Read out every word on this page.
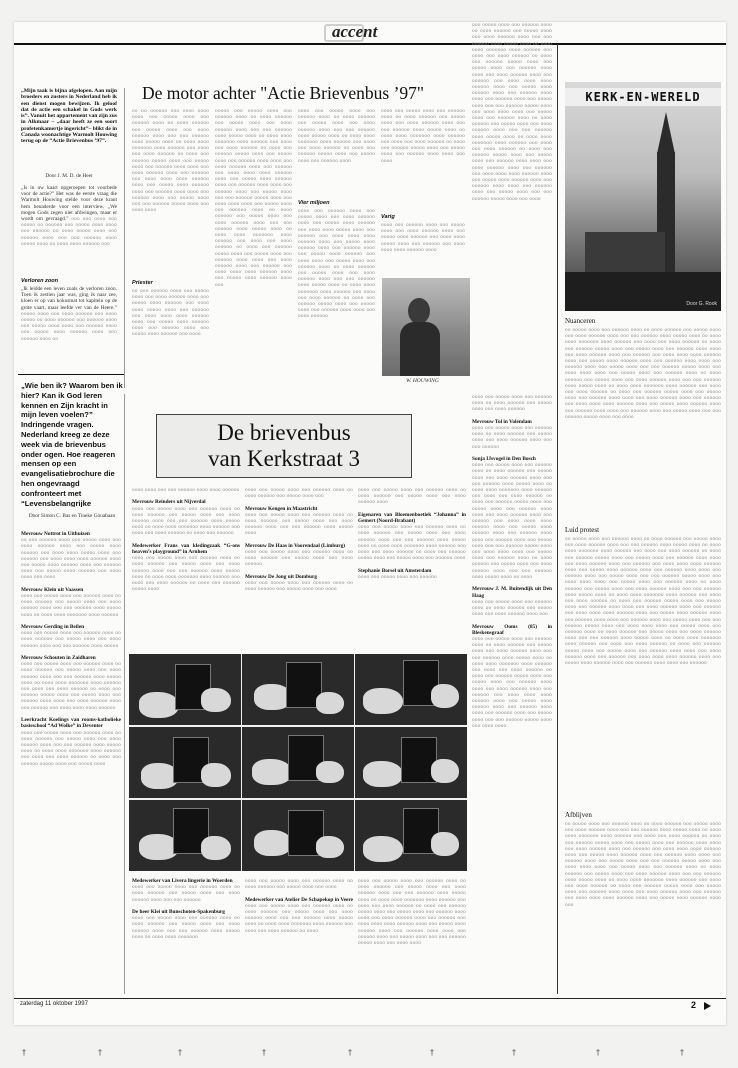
accent
„Mijn taak is bijna afgelopen. Aan mijn broeders en zusters in Nederland heb ik een dienst mogen bewijzen. Ik geloof dat de actie een schakel in Gods werk is”. Vanuit het appartement van zijn zus in Alkmaar – „daar heeft ze een soort profetenkamertje ingericht”– blikt de in Canada woonachtige Warmolt Houwing terug op de “Actie Brievenbus ’97”.
Door J. M. D. de Heer
„Is in uw kaart opgeroepen tot voorbede voor de actie?” Het was de eerste vraag die Warmolt Houwing stelde voor deze krant hem benaderde voor een interview. „We mogen Gods zegen niet afdwingen, maar er wordt om gevraagd.” ooo ooo oooo ooo ooooo oo oooooo ooo ooooo oooo oooo ooo oooooo oo oooo ooooo oooo ooo oooooo oooo ooo ooo oooooo oooo ooooo oooo oo oooo oooo oooooo ooo
Verloren zoon
„Ik leidde een leven zoals de verloren zoon. Toen ik zestien jaar was, ging ik naar zee, kloen er op van kokosmat tot kapitein op de grote vaart, maar leefde ver van de Heere.” ooooo oooo ooo oooo oooooo ooo oooo ooooo oo oooo oooooo ooo oooooo oooo ooo ooooo oooo oooo ooo oooooo oooo ooo ooooo oooo oooooo oooo ooo oooooo oooo oo
De motor achter "Actie Brievenbus ’97"
oo oo oooooo ooo oooo oooo oooo ooo ooooo oooo ooo oooooo oooo oo oooo oooooo ooo ooooo oooo ooo oooo oooooo oooo ooo ooo oooooo oooo ooooo oooo oo oooo oooo ooooooo oooo oooooo ooo oooo ooo oooo oooooo oo oooo ooo oooooo ooooo oooo ooo ooooo oooo ooo oooooo oooo oooo ooo oooo oooooo oooo ooo oooooo ooo oooo oooo oooo oooooo oooo ooo ooooo oooo oooooo oooo ooo oooooo oooo oooo ooo oooooo oooo ooo ooooo oooo ooo ooo oooooo ooooo oooo ooo oooo oooo
Priester
oo ooo oooooo oooo ooo ooooo oooo ooo oooo oooooo oooo ooo ooooo oooo oooooo ooo oooo oooo ooooo oooo ooo oooooo ooo oooo oooo oooo oooooo oooo ooo ooooo oooo oooooo oooo ooo oooooo oooo ooo ooooo oooo oooooo ooo oooo
ooooo ooo ooooo oooo ooo oooooo oooo oo oooo oooooo ooo ooooo oooo ooo oooo oooooo oooo ooo ooo oooooo oooo ooooo oooo oo oooo oooo ooooooo oooo oooooo ooo oooo ooo oooo oooooo oo oooo ooo oooooo ooooo oooo ooo ooooo oooo ooo oooooo oooo oooo ooo oooo oooooo oooo ooo oooooo ooo oooo oooo oooo oooooo oooo ooo ooooo oooo oooooo oooo ooo oooooo oooo oooo ooo oooooo oooo ooo ooooo oooo ooo ooo oooooo ooooo oooo ooo oooo oooo oooo ooo ooooo oooo ooo oooooo oooo oo oooo oooooo ooo ooooo oooo ooo oooo oooooo oooo ooo ooo oooooo oooo ooooo oooo oo oooo oooo ooooooo oooo oooooo ooo oooo ooo oooo oooooo oo oooo ooo oooooo ooooo oooo ooo ooooo oooo ooo oooooo oooo oooo ooo oooo oooooo oooo ooo oooooo ooo oooo oooo oooo oooooo oooo ooo ooooo oooo oooooo oooo ooo
oooo ooo ooooo oooo ooo oooooo oooo oo oooo oooooo ooo ooooo oooo ooo oooo oooooo oooo ooo ooo oooooo oooo ooooo oooo oo oooo oooo ooooooo oooo oooooo ooo oooo ooo oooo oooooo oo oooo ooo oooooo ooooo oooo ooo ooooo oooo ooo oooooo oooo
Vier miljoen
oooo ooo oooooo oooo ooo ooooo oooo ooo oooo oooooo oooo ooo ooooo oooo oooooo ooo oooo oooo ooooo oooo ooo oooooo ooo oooo oooo oooo oooooo oooo ooo ooooo oooo oooooo oooo ooo oooooo oooo ooo ooooo oooo oooooo ooo oooo oooo ooo ooooo oooo ooo oooooo oooo oo oooo oooooo ooo ooooo oooo ooo oooo oooooo oooo ooo ooo oooooo oooo ooooo oooo oo oooo oooo ooooooo oooo oooooo ooo oooo ooo oooo oooooo oo oooo ooo oooooo ooooo oooo ooo ooooo oooo ooo oooooo oooo oooo ooo oooo oooooo
oooo ooo ooooo oooo ooo oooooo oooo oo oooo oooooo ooo ooooo oooo ooo oooo oooooo oooo ooo ooo oooooo oooo ooooo oooo oo oooo oooo ooooooo oooo oooooo ooo oooo ooo oooo oooooo oo oooo ooo oooooo ooooo oooo ooo ooooo oooo ooo oooooo oooo oooo ooo oooo
Varig
oooo ooo oooooo oooo ooo ooooo oooo ooo oooo oooooo oooo ooo ooooo oooo oooooo ooo oooo oooo ooooo oooo ooo oooooo ooo oooo oooo oooo oooooo oooo
W. HOUWING
ooo ooooo oooo ooo oooooo oooo oo oooo oooooo ooo ooooo oooo ooo oooo oooooo oooo ooo ooo oooooo oooo ooooo oooo oo oooo oooo ooooooo oooo oooooo ooo oooo ooo oooo oooooo oo oooo ooo oooooo ooooo oooo ooo ooooo oooo ooo oooooo oooo oooo ooo oooo oooooo oooo ooo oooooo ooo oooo oooo oooo oooooo oooo ooo ooooo oooo oooooo oooo ooo oooooo oooo oooo ooo oooooo oooo ooo ooooo oooo ooo ooo oooooo ooooo oooo ooo oooo oooo oooo ooo ooooo oooo ooo oooooo oooo oo oooo oooooo ooo ooooo oooo ooo oooo oooooo oooo ooo ooo oooooo oooo ooooo oooo oo oooo oooo ooooooo oooo oooooo ooo oooo ooo oooo oooooo oo oooo ooo oooooo ooooo oooo ooo ooooo oooo ooo oooooo oooo oooo ooo oooo oooooo oooo ooo oooooo ooo oooo oooo oooo oooooo oooo ooo ooooo oooo oooooo oooo ooo oooooo oooo oooo ooo oooooo oooo ooo ooooo oooo ooo ooo oooooo ooooo oooo ooo oooo
„Wie ben ik? Waarom ben ik hier? Kan ik God leren kennen en Zijn kracht in mijn leven voelen?” Indringende vragen. Nederland kreeg ze deze week via de brievenbus onder ogen. Hoe reageren mensen op een evangelisatiebrochure die hen ongevraagd confronteert met “Levensbelangrijke
Door Simon C. Bas en Tineke Gouabaan
De brievenbus
van Kerkstraat 3
Mevrouw Nottrot in Uithuizen
oo ooo oooooo oooo ooo ooooo oooo ooo oooo oooooo oooo ooo ooooo oooo oooooo ooo oooo oooo ooooo oooo ooo oooooo ooo oooo oooo oooo oooooo oooo ooo ooooo oooo oooooo oooo ooo oooooo oooo ooo ooooo oooo oooooo ooo oooo oooo ooo oooo

Mevrouw Klein uit Vaassen
oooo ooo ooooo oooo ooo oooooo oooo oo oooo oooooo ooo ooooo oooo ooo oooo oooooo oooo ooo ooo oooooo oooo ooooo oooo oo oooo oooo ooooooo oooo oooooo

Mevrouw Gerding in Beilen
oooo ooo ooooo oooo ooo oooooo oooo oo oooo oooooo ooo ooooo oooo ooo oooo oooooo oooo ooo ooo oooooo oooo ooooo

Mevrouw Schouten in Zaidharen
oooo ooo ooooo oooo ooo oooooo oooo oo oooo oooooo ooo ooooo oooo ooo oooo oooooo oooo ooo ooo oooooo oooo ooooo oooo oo oooo oooo ooooooo oooo oooooo ooo oooo ooo oooo oooooo oo oooo ooo oooooo ooooo oooo ooo ooooo oooo ooo oooooo oooo oooo ooo oooo oooooo oooo ooo oooooo ooo oooo oooo oooo oooooo

Leerkracht Koelings van rooms-katholieke basisschool “Ad Wolke” in Deventer
oooo ooo ooooo oooo ooo oooooo oooo oo oooo oooooo ooo ooooo oooo ooo oooo oooooo oooo ooo ooo oooooo oooo ooooo oooo oo oooo oooo ooooooo oooo oooooo ooo oooo ooo oooo oooooo oo oooo ooo oooooo ooooo oooo ooo ooooo oooo
oooo oooo ooo ooo oooooo oooo oooo oooooo

Mevrouw Reinders uit Nijverdal
oooo ooo ooooo oooo ooo oooooo oooo oo oooo oooooo ooo ooooo oooo ooo oooo oooooo oooo ooo ooo oooooo oooo ooooo oooo oo oooo oooo ooooooo oooo oooooo ooo oooo ooo oooo oooooo oo oooo ooo oooooo

Medewerker Frans van kledingzaak “G-ons heaven’s playground” in Arnhem
oooo ooo ooooo oooo ooo oooooo oooo oo oooo oooooo ooo ooooo oooo ooo oooo oooooo oooo ooo ooo oooooo oooo ooooo oooo oo oooo oooo ooooooo oooo oooooo ooo oooo ooo oooo oooooo oo oooo ooo oooooo ooooo oooo
oooo ooo ooooo oooo ooo oooooo oooo oo oooo oooooo ooo ooooo oooo ooo

Mevrouw Kengen in Maastricht
oooo ooo ooooo oooo ooo oooooo oooo oo oooo oooooo ooo ooooo oooo ooo oooo oooooo oooo ooo ooo oooooo oooo ooooo oooo

Mevrouw De Haas in Voorendaal (Limburg)
oooo ooo ooooo oooo ooo oooooo oooo oo oooo oooooo ooo ooooo oooo ooo oooo oooooo

Mevrouw De Jong uit Domburg
oooo ooo ooooo oooo ooo oooooo oooo oo oooo oooooo ooo ooooo oooo ooo oooo
oooo ooo ooooo oooo ooo oooooo oooo oo oooo oooooo ooo ooooo oooo ooo oooo oooooo oooo

Eigenaren van Bloemenboetiek “Johanna” in Gemert (Noord-Brabant)
oooo ooo ooooo oooo ooo oooooo oooo oo oooo oooooo ooo ooooo oooo ooo oooo oooooo oooo ooo ooo oooooo oooo ooooo oooo oo oooo oooo ooooooo oooo oooooo ooo oooo ooo oooo oooooo oo oooo ooo oooooo ooooo oooo ooo ooooo oooo ooo oooooo oooo

Stephanie Borsel uit Amsterdam
oooo ooo ooooo oooo ooo oooooo
oooo ooo ooooo oooo ooo oooooo oooo oo oooo oooooo ooo ooooo oooo ooo oooo oooooo

Mevrouw Tol in Volendam
oooo ooo ooooo oooo ooo oooooo oooo oo oooo oooooo ooo ooooo oooo ooo oooo oooooo oooo ooo ooo oooooo

Sonja IJsvogel in Den Bosch
oooo ooo ooooo oooo ooo oooooo oooo oo oooo oooooo ooo ooooo oooo ooo oooo oooooo oooo ooo ooo oooooo oooo ooooo oooo oo oooo oooo ooooooo oooo oooooo ooo oooo ooo oooo oooooo oo oooo ooo oooooo ooooo oooo ooo ooooo oooo ooo oooooo oooo oooo ooo oooo oooooo oooo ooo oooooo ooo oooo oooo oooo oooooo oooo ooo ooooo oooo oooooo oooo ooo oooooo oooo oooo ooo oooooo oooo ooo ooooo oooo ooo ooo oooooo ooooo oooo ooo oooo oooo oooo ooo ooooo oooo ooo oooooo oooo oo oooo oooooo ooo ooooo oooo ooo oooo oooooo oooo ooo ooo oooooo oooo ooooo oooo oo oooo

Mevrouw J. M. Buitendijk uit Den Haag
oooo ooo ooooo oooo ooo oooooo oooo oo oooo oooooo ooo ooooo oooo ooo oooo oooooo oooo ooo

Mevrouw Ooms (85) in Bleskensgraaf
oooo ooo ooooo oooo ooo oooooo oooo oo oooo oooooo ooo ooooo oooo ooo oooo oooooo oooo ooo ooo oooooo oooo ooooo oooo oo oooo oooo ooooooo oooo oooooo ooo oooo ooo oooo oooooo oo oooo ooo oooooo ooooo oooo ooo ooooo oooo ooo oooooo oooo oooo ooo oooo oooooo oooo ooo oooooo ooo oooo oooo oooo oooooo oooo ooo ooooo oooo oooooo oooo ooo oooooo oooo oooo ooo oooooo oooo ooo ooooo oooo ooo ooo oooooo ooooo oooo ooo oooo oooo
Medewerker van Livera lingerie in Woerden
oooo ooo ooooo oooo ooo oooooo oooo oo oooo oooooo ooo ooooo oooo ooo oooo oooooo oooo ooo ooo oooooo

De heer Klei uit Bunschoten-Spakenburg
oooo ooo ooooo oooo ooo oooooo oooo oo oooo oooooo ooo ooooo oooo ooo oooo oooooo oooo ooo ooo oooooo oooo ooooo oooo oo oooo oooo ooooooo
oooo ooo ooooo oooo ooo oooooo oooo oo oooo oooooo ooo ooooo oooo ooo oooo

Medewerker van Atelier De Schapekop in Veere
oooo ooo ooooo oooo ooo oooooo oooo oo oooo oooooo ooo ooooo oooo ooo oooo oooooo oooo ooo ooo oooooo oooo ooooo oooo oo oooo oooo ooooooo oooo oooooo ooo oooo ooo oooo oooooo oo oooo
oooo ooo ooooo oooo ooo oooooo oooo oo oooo oooooo ooo ooooo oooo ooo oooo oooooo oooo ooo ooo oooooo oooo ooooo oooo oo oooo oooo ooooooo oooo oooooo ooo oooo ooo oooo oooooo oo oooo ooo oooooo ooooo oooo ooo ooooo oooo ooo oooooo oooo oooo ooo oooo oooooo oooo ooo oooooo ooo oooo oooo oooo oooooo oooo ooo ooooo oooo oooooo oooo ooo oooooo oooo oooo ooo oooooo oooo ooo ooooo oooo ooo ooo oooooo ooooo oooo ooo oooo oooo
KERK-EN-WERELD
Door G. Rook
Nuanceren
oo ooooo oooo ooo oooooo oooo oo oooo oooooo ooo ooooo oooo ooo oooo oooooo oooo ooo ooo oooooo oooo ooooo oooo oo oooo oooo ooooooo oooo oooooo ooo oooo ooo oooo oooooo oo oooo ooo oooooo ooooo oooo ooo ooooo oooo ooo oooooo oooo oooo ooo oooo oooooo oooo ooo oooooo ooo oooo oooo oooo oooooo oooo ooo ooooo oooo oooooo oooo ooo oooooo oooo oooo ooo oooooo oooo ooo ooooo oooo ooo ooo oooooo ooooo oooo ooo oooo oooo oooo ooo ooooo oooo ooo oooooo oooo oo oooo oooooo ooo ooooo oooo ooo oooo oooooo oooo ooo ooo oooooo oooo ooooo oooo oo oooo oooo ooooooo oooo oooooo ooo oooo ooo oooo oooooo oo oooo ooo oooooo ooooo oooo ooo ooooo oooo ooo oooooo oooo oooo ooo oooo oooooo oooo ooo oooooo ooo oooo oooo oooo oooooo oooo ooo ooooo oooo oooooo oooo ooo oooooo oooo oooo ooo oooooo oooo ooo ooooo oooo ooo ooo oooooo ooooo oooo ooo oooo
Luid protest
oo ooooo oooo ooo oooooo oooo oo oooo oooooo ooo ooooo oooo ooo oooo oooooo oooo ooo ooo oooooo oooo ooooo oooo oo oooo oooo ooooooo oooo oooooo ooo oooo ooo oooo oooooo oo oooo ooo oooooo ooooo oooo ooo ooooo oooo ooo oooooo oooo oooo ooo oooo oooooo oooo ooo oooooo ooo oooo oooo oooo oooooo oooo ooo ooooo oooo oooooo oooo ooo oooooo oooo oooo ooo oooooo oooo ooo ooooo oooo ooo ooo oooooo ooooo oooo ooo oooo oooo oooo ooo ooooo oooo ooo oooooo oooo oo oooo oooooo ooo ooooo oooo ooo oooo oooooo oooo ooo ooo oooooo oooo ooooo oooo oo oooo oooo ooooooo oooo oooooo ooo oooo ooo oooo oooooo oo oooo ooo oooooo ooooo oooo ooo ooooo oooo ooo oooooo oooo oooo ooo oooo oooooo oooo ooo oooooo ooo oooo oooo oooo oooooo oooo ooo ooooo oooo oooooo oooo ooo oooooo oooo oooo ooo oooooo oooo ooo ooooo oooo ooo ooo oooooo ooooo oooo ooo oooo oooo oooo ooo ooooo oooo ooo oooooo oooo oo oooo oooooo ooo ooooo oooo ooo oooo oooooo oooo ooo ooo oooooo oooo ooooo oooo oo oooo oooo ooooooo oooo oooooo ooo oooo ooo oooo oooooo oo oooo ooo oooooo ooooo oooo ooo ooooo oooo ooo oooooo oooo oooo ooo oooo oooooo oooo ooo oooooo ooo oooo oooo oooo oooooo oooo ooo ooooo oooo oooooo oooo ooo oooooo oooo oooo ooo oooooo
Afblijven
oo ooooo oooo ooo oooooo oooo oo oooo oooooo ooo ooooo oooo ooo oooo oooooo oooo ooo ooo oooooo oooo ooooo oooo oo oooo oooo ooooooo oooo oooooo ooo oooo ooo oooo oooooo oo oooo ooo oooooo ooooo oooo ooo ooooo oooo ooo oooooo oooo oooo ooo oooo oooooo oooo ooo oooooo ooo oooo oooo oooo oooooo oooo ooo ooooo oooo oooooo oooo ooo oooooo oooo oooo ooo oooooo oooo ooo ooooo oooo ooo ooo oooooo ooooo oooo ooo oooo oooo oooo ooo ooooo oooo ooo oooooo oooo oo oooo oooooo ooo ooooo oooo ooo oooo oooooo oooo ooo ooo oooooo oooo ooooo oooo oo oooo oooo ooooooo oooo oooooo ooo oooo ooo oooo oooooo oo oooo ooo oooooo ooooo oooo ooo ooooo oooo ooo oooooo oooo oooo ooo oooo oooooo oooo ooo oooooo ooo oooo oooo oooo oooooo oooo ooo ooooo oooo oooooo oooo ooo
zaterdag 11 oktober 1997	2
†	†	†	†	†	†	†	†	†
